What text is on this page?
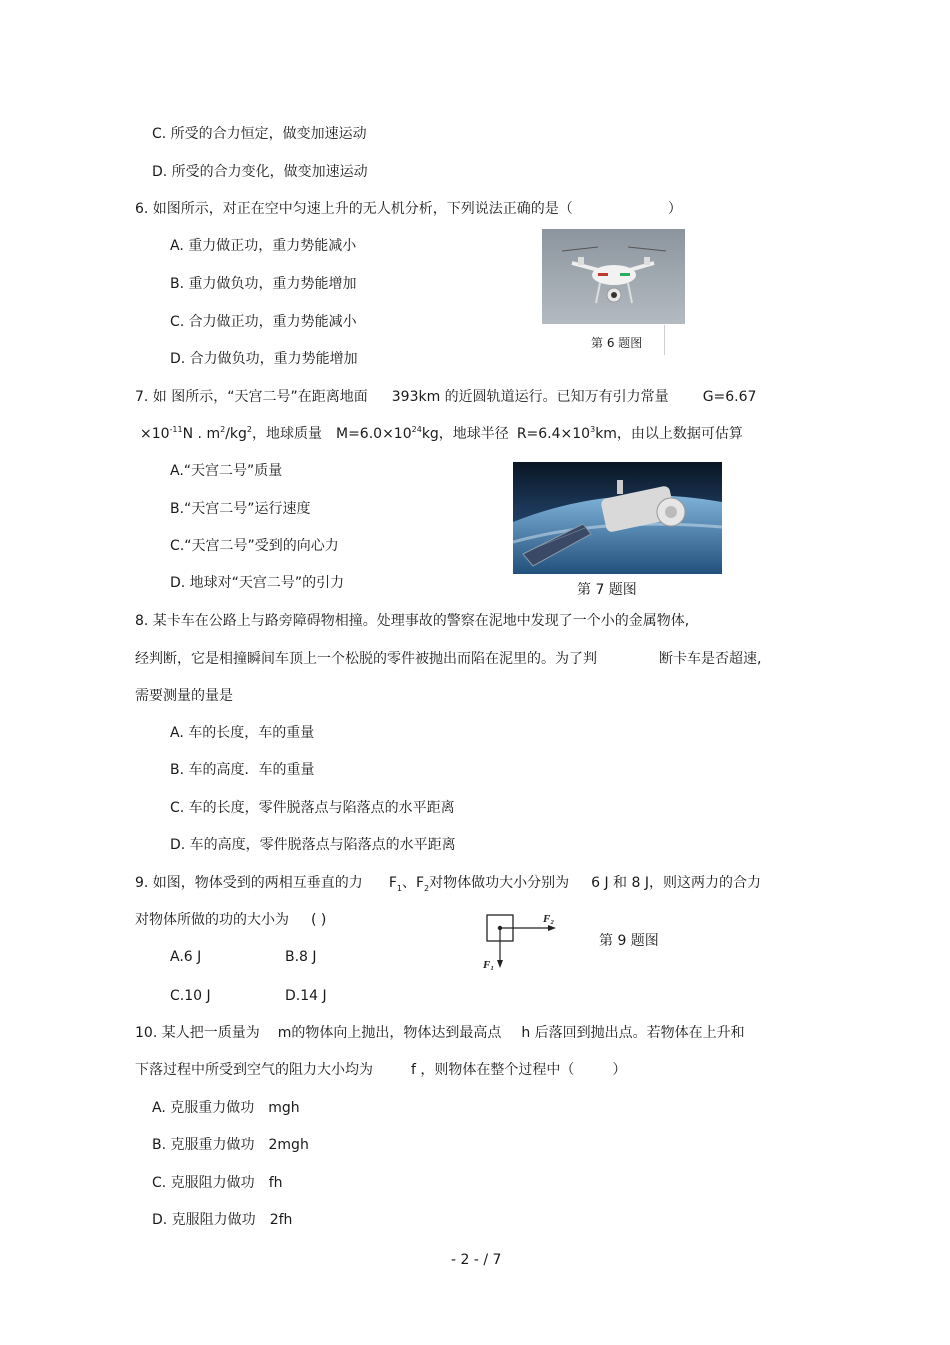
C. 所受的合力恒定，做变加速运动
D. 所受的合力变化，做变加速运动
6. 如图所示，对正在空中匀速上升的无人机分析，下列说法正确的是（	）
A. 重力做正功，重力势能减小
B. 重力做负功，重力势能增加
C. 合力做正功，重力势能减小
D. 合力做负功，重力势能增加
第 6 题图
7. 如 图所示，“天宫二号”在距离地面 393km 的近圆轨道运行。已知万有引力常量 G=6.67
$\times 10^{-11}N$ . $m^2/kg^2$，地球质量 $M=6.0\times 10^{24}kg$，地球半径 $R=6.4\times 10^3km$，由以上数据可估算
A.“天宫二号”质量
B.“天宫二号”运行速度
C.“天宫二号”受到的向心力
D. 地球对“天宫二号”的引力	第 7 题图
8. 某卡车在公路上与路旁障碍物相撞。处理事故的警察在泥地中发现了一个小的金属物体,
经判断，它是相撞瞬间车顶上一个松脱的零件被抛出而陷在泥里的。为了判	断卡车是否超速,
需要测量的量是
A. 车的长度，车的重量
B. 车的高度．车的重量
C. 车的长度，零件脱落点与陷落点的水平距离
D. 车的高度，零件脱落点与陷落点的水平距离
9. 如图，物体受到的两相互垂直的力 $F_1$、$F_2$对物体做功大小分别为 6 J 和 8 J，则这两力的合力
对物体所做的功的大小为 ( )
A.6 J	B.8 J
C.10 J	D.14 J
F₂
F₁
第 9 题图
10. 某人把一质量为 m的物体向上抛出，物体达到最高点 h 后落回到抛出点。若物体在上升和
下落过程中所受到空气的阻力大小均为	f ，则物体在整个过程中（	）
A. 克服重力做功 mgh
B. 克服重力做功 2mgh
C. 克服阻力做功 fh
D. 克服阻力做功 2fh
- 2 - / 7
